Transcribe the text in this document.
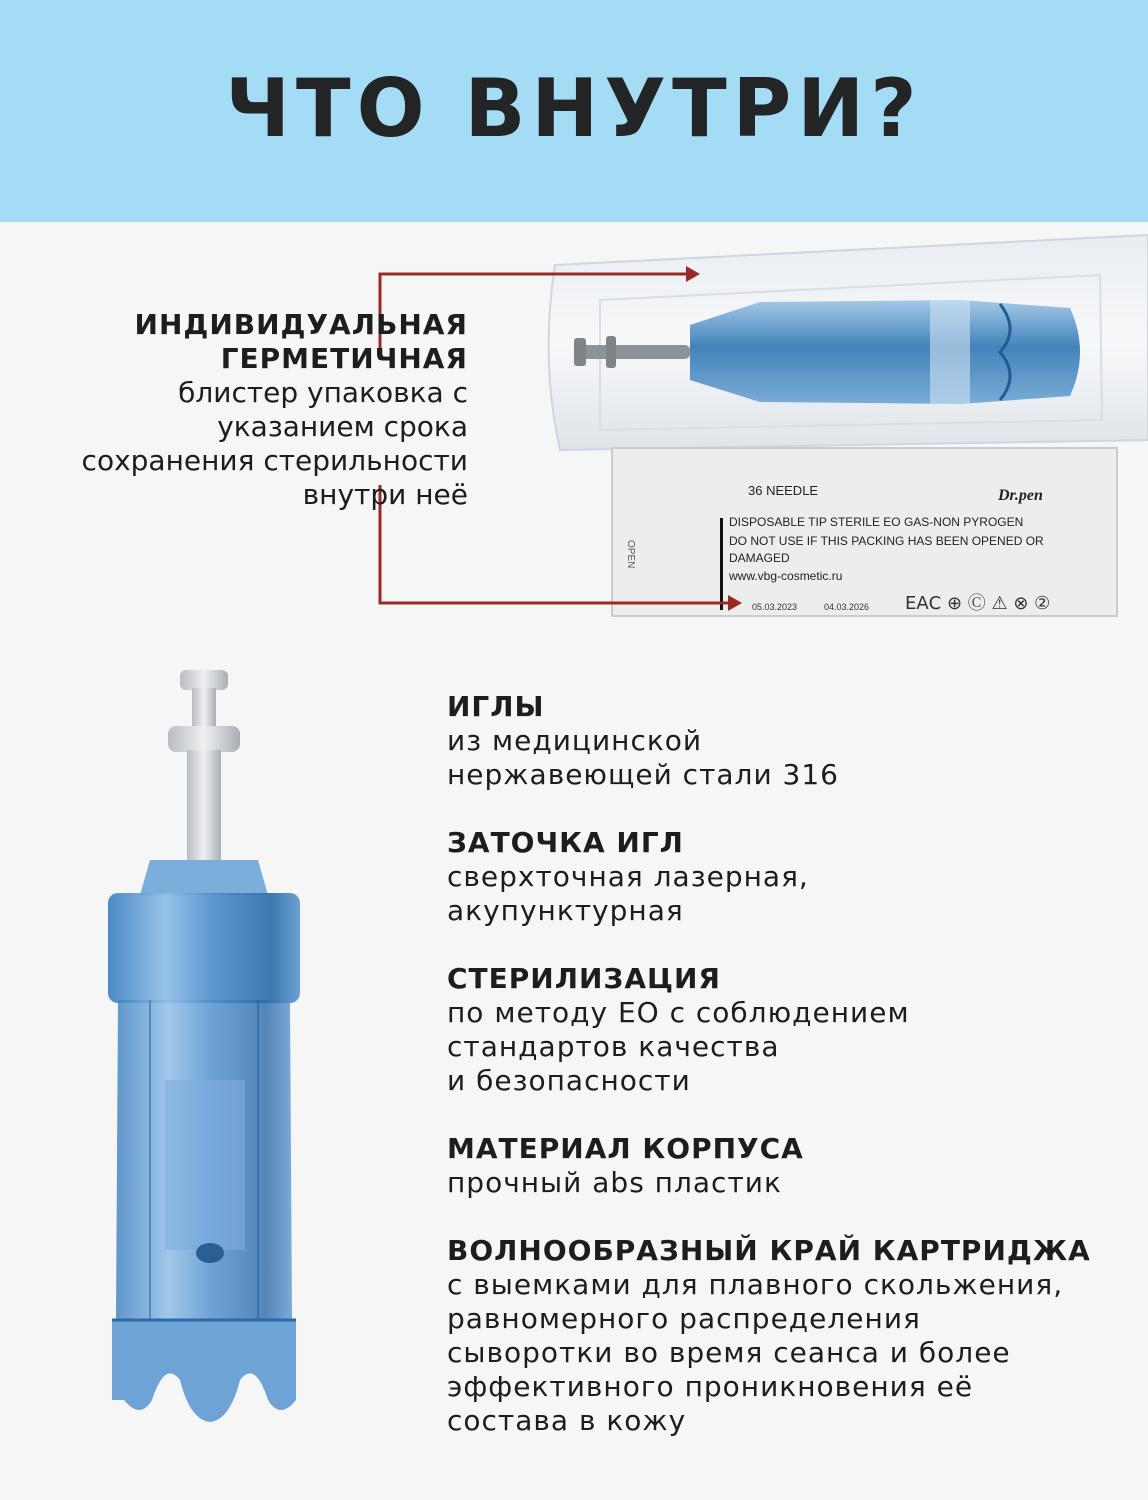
ЧТО ВНУТРИ?
36 NEEDLE	Dr.pen
DISPOSABLE TIP STERILE EO GAS-NON PYROGEN
DO NOT USE IF THIS PACKING HAS BEEN OPENED OR
DAMAGED
www.vbg-cosmetic.ru
05.03.2023	04.03.2026
OPEN
ЕАС ⊕ Ⓒ ⚠ ⊗ ②
ИНДИВИДУАЛЬНАЯ
ГЕРМЕТИЧНАЯ
блистер упаковка с
указанием срока
сохранения стерильности
внутри неё
ИГЛЫ
из медицинской
нержавеющей стали 316
ЗАТОЧКА ИГЛ
сверхточная лазерная,
акупунктурная
СТЕРИЛИЗАЦИЯ
по методу ЕО с соблюдением
стандартов качества
и безопасности
МАТЕРИАЛ КОРПУСА
прочный abs пластик
ВОЛНООБРАЗНЫЙ КРАЙ КАРТРИДЖА
с выемками для плавного скольжения,
равномерного распределения
сыворотки во время сеанса и более
эффективного проникновения её
состава в кожу
